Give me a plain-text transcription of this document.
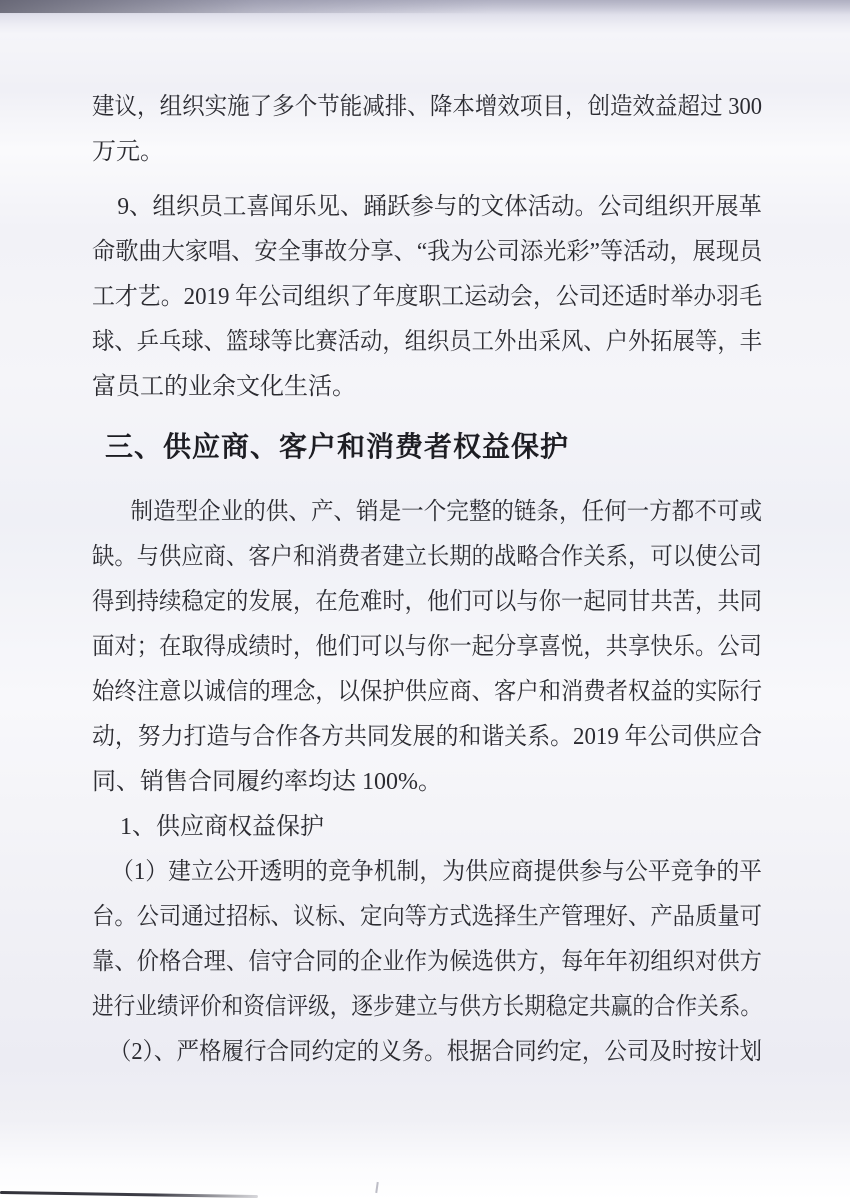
建议，组织实施了多个节能减排、降本增效项目，创造效益超过 300
万元。
9、组织员工喜闻乐见、踊跃参与的文体活动。公司组织开展革
命歌曲大家唱、安全事故分享、“我为公司添光彩”等活动，展现员
工才艺。2019 年公司组织了年度职工运动会，公司还适时举办羽毛
球、乒乓球、篮球等比赛活动，组织员工外出采风、户外拓展等，丰
富员工的业余文化生活。
三、供应商、客户和消费者权益保护
制造型企业的供、产、销是一个完整的链条，任何一方都不可或
缺。与供应商、客户和消费者建立长期的战略合作关系，可以使公司
得到持续稳定的发展，在危难时，他们可以与你一起同甘共苦，共同
面对；在取得成绩时，他们可以与你一起分享喜悦，共享快乐。公司
始终注意以诚信的理念，以保护供应商、客户和消费者权益的实际行
动，努力打造与合作各方共同发展的和谐关系。2019 年公司供应合
同、销售合同履约率均达 100%。
1、供应商权益保护
（1）建立公开透明的竞争机制，为供应商提供参与公平竞争的平
台。公司通过招标、议标、定向等方式选择生产管理好、产品质量可
靠、价格合理、信守合同的企业作为候选供方，每年年初组织对供方
进行业绩评价和资信评级，逐步建立与供方长期稳定共赢的合作关系。
（2）、严格履行合同约定的义务。根据合同约定，公司及时按计划
